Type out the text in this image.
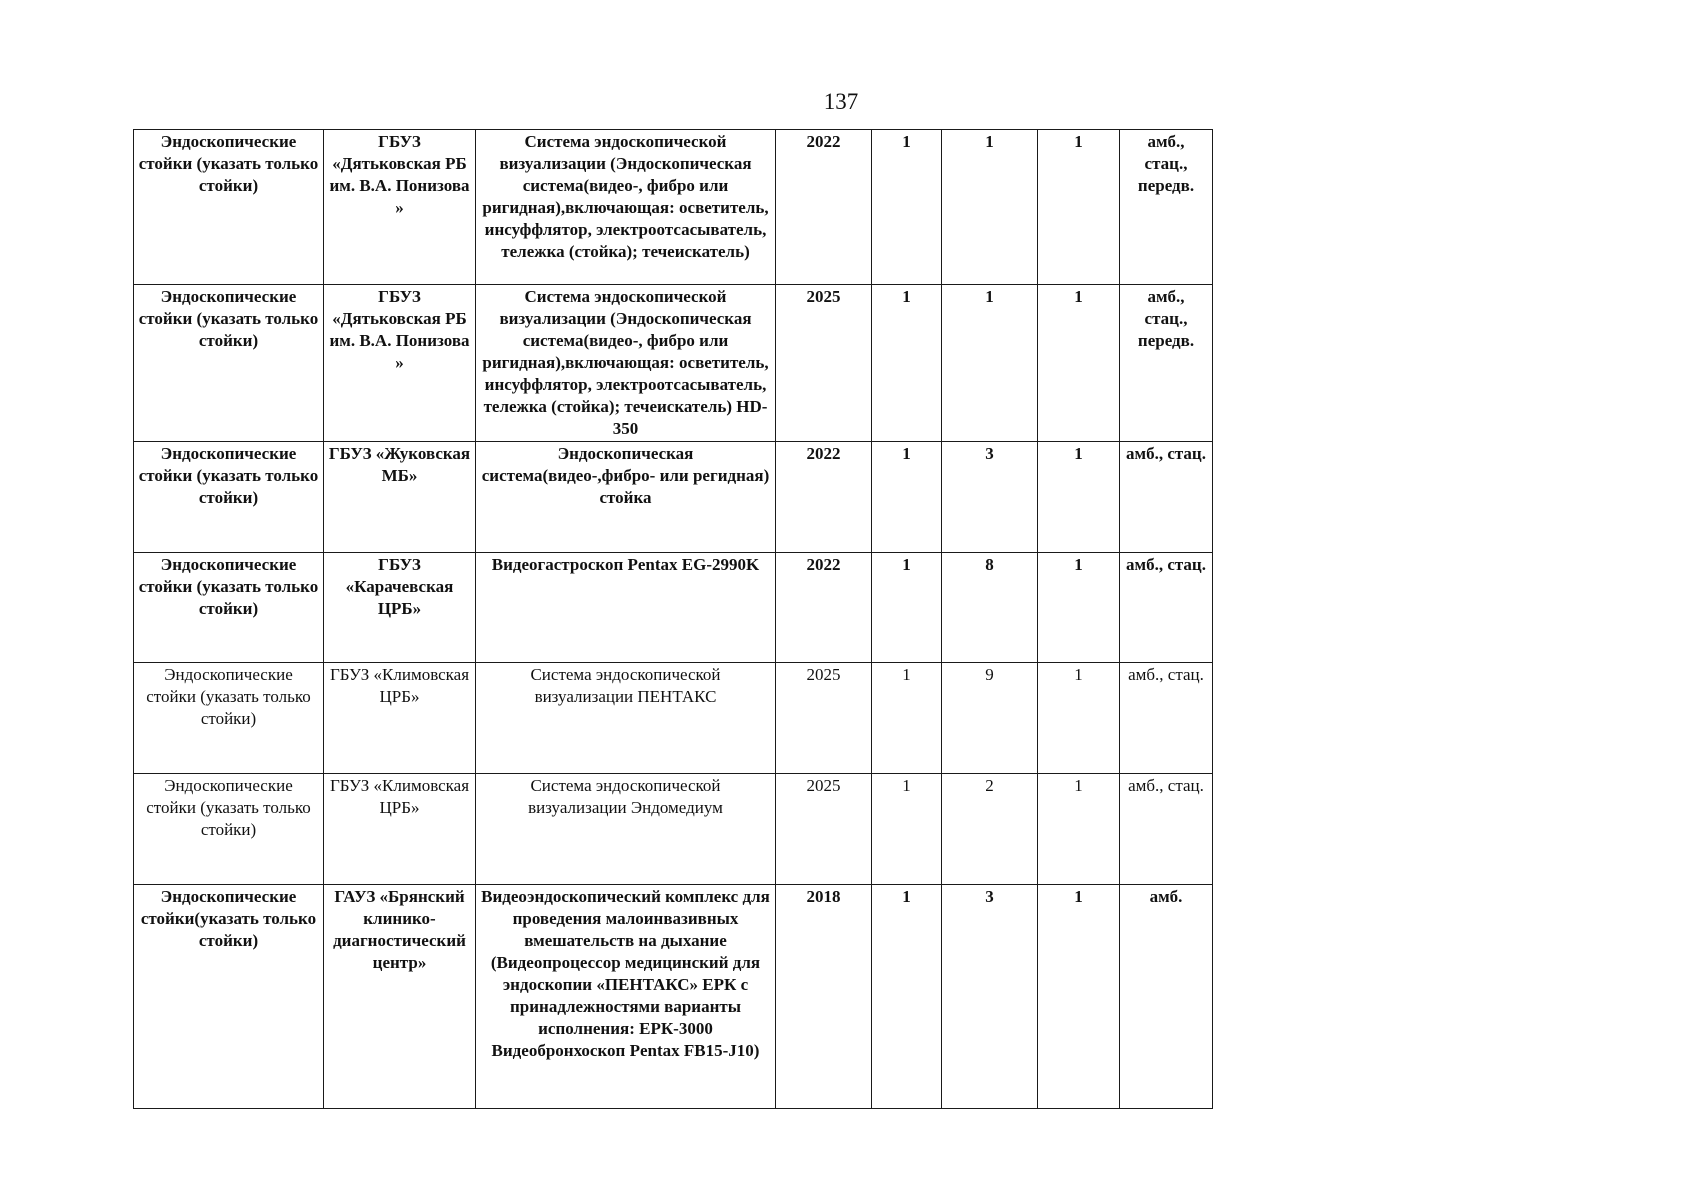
137
Эндоскопические стойки (указать только стойки)	ГБУЗ «Дятьковская РБ им. В.А. Понизова »	Система эндоскопической визуализации (Эндоскопическая система(видео-, фибро или ригидная),включающая: осветитель, инсуффлятор, электроотсасыватель, тележка (стойка); течеискатель)	2022	1	1	1	амб., стац., передв.
Эндоскопические стойки (указать только стойки)	ГБУЗ «Дятьковская РБ им. В.А. Понизова »	Система эндоскопической визуализации (Эндоскопическая система(видео-, фибро или ригидная),включающая: осветитель, инсуффлятор, электроотсасыватель, тележка (стойка); течеискатель) HD-350	2025	1	1	1	амб., стац., передв.
Эндоскопические стойки (указать только стойки)	ГБУЗ «Жуковская МБ»	Эндоскопическая система(видео-,фибро- или регидная) стойка	2022	1	3	1	амб., стац.
Эндоскопические стойки (указать только стойки)	ГБУЗ «Карачевская ЦРБ»	Видеогастроскоп Pentax EG-2990K	2022	1	8	1	амб., стац.
Эндоскопические стойки (указать только стойки)	ГБУЗ «Климовская ЦРБ»	Система эндоскопической визуализации ПЕНТАКС	2025	1	9	1	амб., стац.
Эндоскопические стойки (указать только стойки)	ГБУЗ «Климовская ЦРБ»	Система эндоскопической визуализации Эндомедиум	2025	1	2	1	амб., стац.
Эндоскопические стойки(указать только стойки)	ГАУЗ «Брянский клинико-диагностический центр»	Видеоэндоскопический комплекс для проведения малоинвазивных вмешательств на дыхание (Видеопроцессор медицинский для эндоскопии «ПЕНТАКС» ЕРК с принадлежностями варианты исполнения: ЕРК-3000 Видеобронхоскоп Pentax FB15-J10)	2018	1	3	1	амб.
